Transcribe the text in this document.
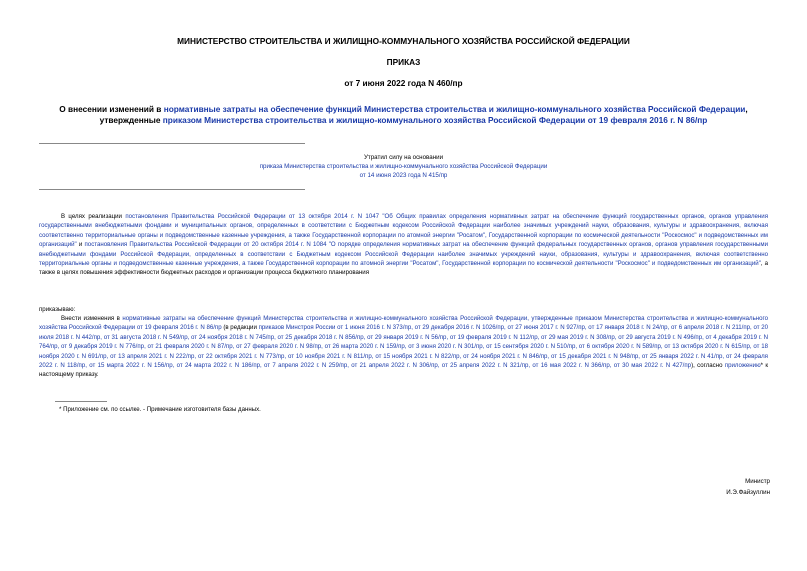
МИНИСТЕРСТВО СТРОИТЕЛЬСТВА И ЖИЛИЩНО-КОММУНАЛЬНОГО ХОЗЯЙСТВА РОССИЙСКОЙ ФЕДЕРАЦИИ
ПРИКАЗ
от 7 июня 2022 года N 460/пр
О внесении изменений в нормативные затраты на обеспечение функций Министерства строительства и жилищно-коммунального хозяйства Российской Федерации, утвержденные приказом Министерства строительства и жилищно-коммунального хозяйства Российской Федерации от 19 февраля 2016 г. N 86/пр
Утратил силу на основании
приказа Министерства строительства и жилищно-коммунального хозяйства Российской Федерации от 14 июня 2023 года N 415/пр
В целях реализации постановления Правительства Российской Федерации от 13 октября 2014 г. N 1047 "Об Общих правилах определения нормативных затрат на обеспечение функций государственных органов, органов управления государственными внебюджетными фондами и муниципальных органов, определенных в соответствии с Бюджетным кодексом Российской Федерации наиболее значимых учреждений науки, образования, культуры и здравоохранения, включая соответственно территориальные органы и подведомственные казенные учреждения, а также Государственной корпорации по атомной энергии "Росатом", Государственной корпорации по космической деятельности "Роскосмос" и подведомственных им организаций" и постановления Правительства Российской Федерации от 20 октября 2014 г. N 1084 "О порядке определения нормативных затрат на обеспечение функций федеральных государственных органов, органов управления государственными внебюджетными фондами Российской Федерации, определенных в соответствии с Бюджетным кодексом Российской Федерации наиболее значимых учреждений науки, образования, культуры и здравоохранения, включая соответственно территориальные органы и подведомственные казенные учреждения, а также Государственной корпорации по атомной энергии "Росатом", Государственной корпорации по космической деятельности "Роскосмос" и подведомственных им организаций", а также в целях повышения эффективности бюджетных расходов и организации процесса бюджетного планирования
приказываю:
Внести изменения в нормативные затраты на обеспечение функций Министерства строительства и жилищно-коммунального хозяйства Российской Федерации, утвержденные приказом Министерства строительства и жилищно-коммунального хозяйства Российской Федерации от 19 февраля 2016 г. N 86/пр (в редакции приказов Минстроя России от 1 июня 2016 г. N 373/пр, от 29 декабря 2016 г. N 1026/пр, от 27 июня 2017 г. N 927/пр, от 17 января 2018 г. N 24/пр, от 6 апреля 2018 г. N 211/пр, от 20 июля 2018 г. N 442/пр, от 31 августа 2018 г. N 549/пр, от 24 ноября 2018 г. N 745/пр, от 25 декабря 2018 г. N 856/пр, от 29 января 2019 г. N 56/пр, от 19 февраля 2019 г. N 112/пр, от 29 мая 2019 г. N 308/пр, от 29 августа 2019 г. N 496/пр, от 4 декабря 2019 г. N 764/пр, от 9 декабря 2019 г. N 776/пр, от 21 февраля 2020 г. N 87/пр, от 27 февраля 2020 г. N 98/пр, от 26 марта 2020 г. N 159/пр, от 3 июня 2020 г. N 301/пр, от 15 сентября 2020 г. N 510/пр, от 6 октября 2020 г. N 589/пр, от 13 октября 2020 г. N 615/пр, от 18 ноября 2020 г. N 691/пр, от 13 апреля 2021 г. N 222/пр, от 22 октября 2021 г. N 773/пр, от 10 ноября 2021 г. N 811/пр, от 15 ноября 2021 г. N 822/пр, от 24 ноября 2021 г. N 846/пр, от 15 декабря 2021 г. N 948/пр, от 25 января 2022 г. N 41/пр, от 24 февраля 2022 г. N 118/пр, от 15 марта 2022 г. N 156/пр, от 24 марта 2022 г. N 186/пр, от 7 апреля 2022 г. N 259/пр, от 21 апреля 2022 г. N 306/пр, от 25 апреля 2022 г. N 321/пр, от 16 мая 2022 г. N 366/пр, от 30 мая 2022 г. N 427/пр), согласно приложению* к настоящему приказу.
* Приложение см. по ссылке. - Примечание изготовителя базы данных.
Министр
И.Э.Файзуллин
